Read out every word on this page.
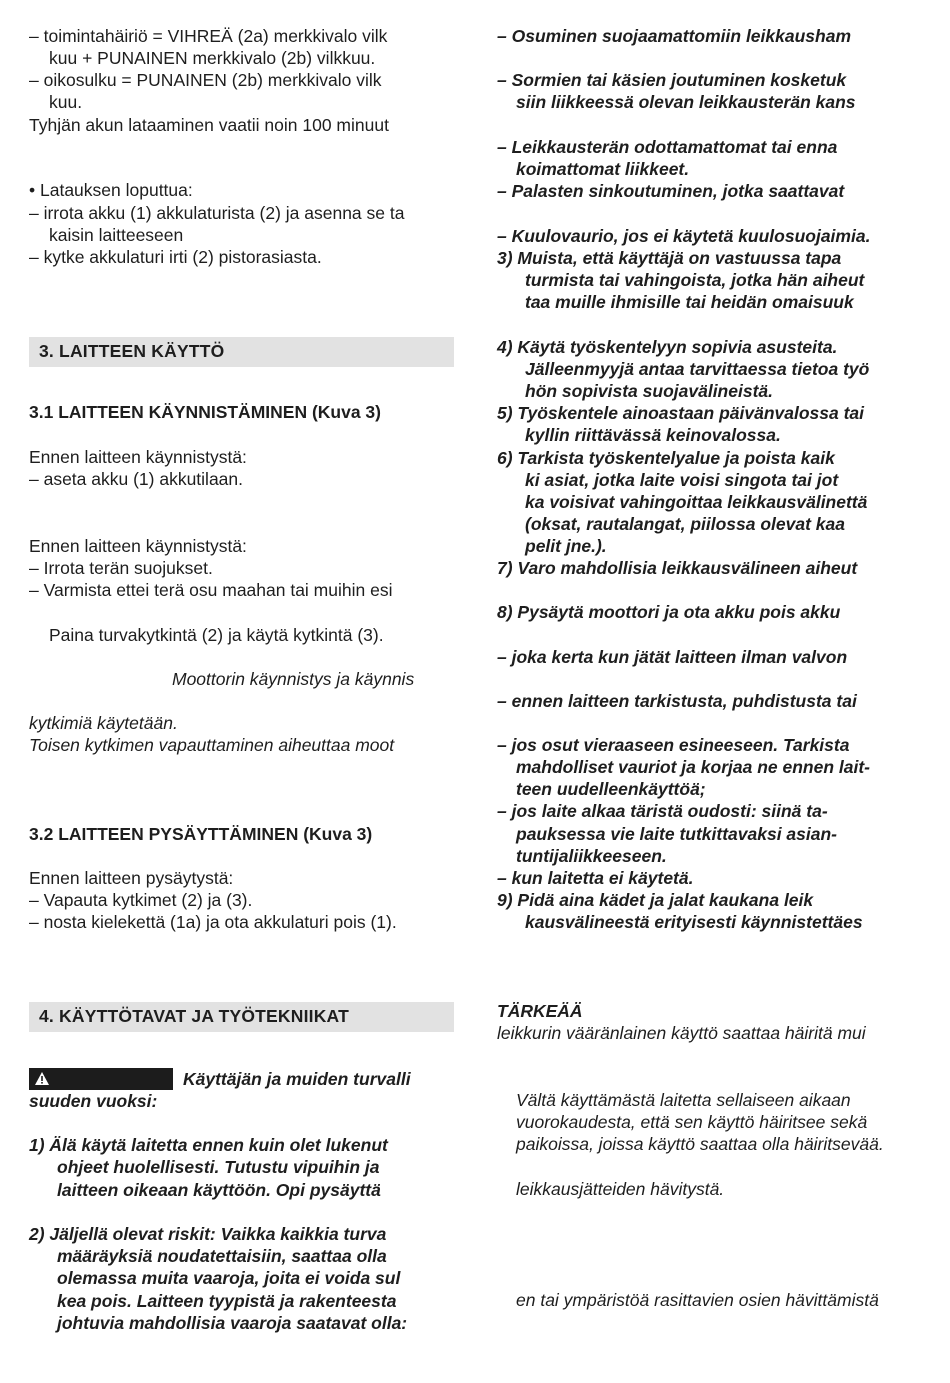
– toimintahäiriö = VIHREÄ (2a) merkkivalo vilk
kuu + PUNAINEN merkkivalo (2b) vilkkuu.
– oikosulku = PUNAINEN (2b) merkkivalo vilk
kuu.
Tyhjän akun lataaminen vaatii noin 100 minuut
• Latauksen loputtua:
– irrota akku (1) akkulaturista (2) ja asenna se ta
kaisin laitteeseen
– kytke akkulaturi irti (2) pistorasiasta.
3. LAITTEEN KÄYTTÖ
3.1 LAITTEEN KÄYNNISTÄMINEN (Kuva 3)
Ennen laitteen käynnistystä:
– aseta akku (1) akkutilaan.
Ennen laitteen käynnistystä:
– Irrota terän suojukset.
– Varmista ettei terä osu maahan tai muihin esi
Paina turvakytkintä (2) ja käytä kytkintä (3).
Moottorin käynnistys ja käynnis
kytkimiä käytetään.
Toisen kytkimen vapauttaminen aiheuttaa moot
3.2 LAITTEEN PYSÄYTTÄMINEN (Kuva 3)
Ennen laitteen pysäytystä:
– Vapauta kytkimet (2) ja (3).
– nosta kielekettä (1a) ja ota akkulaturi pois (1).
4. KÄYTTÖTAVAT JA TYÖTEKNIIKAT
Käyttäjän ja muiden turvalli
suuden vuoksi:
1) Älä käytä laitetta ennen kuin olet lukenut
ohjeet huolellisesti. Tutustu vipuihin ja
laitteen oikeaan käyttöön. Opi pysäyttä
2) Jäljellä olevat riskit: Vaikka kaikkia turva
määräyksiä noudatettaisiin, saattaa olla
olemassa muita vaaroja, joita ei voida sul
kea pois. Laitteen tyypistä ja rakenteesta
johtuvia mahdollisia vaaroja saatavat olla:
– Osuminen suojaamattomiin leikkausham
– Sormien tai käsien joutuminen kosketuk
siin liikkeessä olevan leikkausterän kans
– Leikkausterän odottamattomat tai enna
koimattomat liikkeet.
– Palasten sinkoutuminen, jotka saattavat
– Kuulovaurio, jos ei käytetä kuulosuojaimia.
3) Muista, että käyttäjä on vastuussa tapa
turmista tai vahingoista, jotka hän aiheut
taa muille ihmisille tai heidän omaisuuk
4) Käytä työskentelyyn sopivia asusteita.
Jälleenmyyjä antaa tarvittaessa tietoa työ
hön sopivista suojavälineistä.
5) Työskentele ainoastaan päivänvalossa tai
kyllin riittävässä keinovalossa.
6) Tarkista työskentelyalue ja poista kaik
ki asiat, jotka laite voisi singota tai jot
ka voisivat vahingoittaa leikkausvälinettä
(oksat, rautalangat, piilossa olevat kaa
pelit jne.).
7) Varo mahdollisia leikkausvälineen aiheut
8) Pysäytä moottori ja ota akku pois akku
– joka kerta kun jätät laitteen ilman valvon
– ennen laitteen tarkistusta, puhdistusta tai
– jos osut vieraaseen esineeseen. Tarkista
mahdolliset vauriot ja korjaa ne ennen lait-
teen uudelleenkäyttöä;
– jos laite alkaa täristä oudosti: siinä ta-
pauksessa vie laite tutkittavaksi asian-
tuntijaliikkeeseen.
– kun laitetta ei käytetä.
9) Pidä aina kädet ja jalat kaukana leik
kausvälineestä erityisesti käynnistettäes
TÄRKEÄÄ
leikkurin vääränlainen käyttö saattaa häiritä mui
Vältä käyttämästä laitetta sellaiseen aikaan
vuorokaudesta, että sen käyttö häiritsee sekä
paikoissa, joissa käyttö saattaa olla häiritsevää.
leikkausjätteiden hävitystä.
en tai ympäristöä rasittavien osien hävittämistä
